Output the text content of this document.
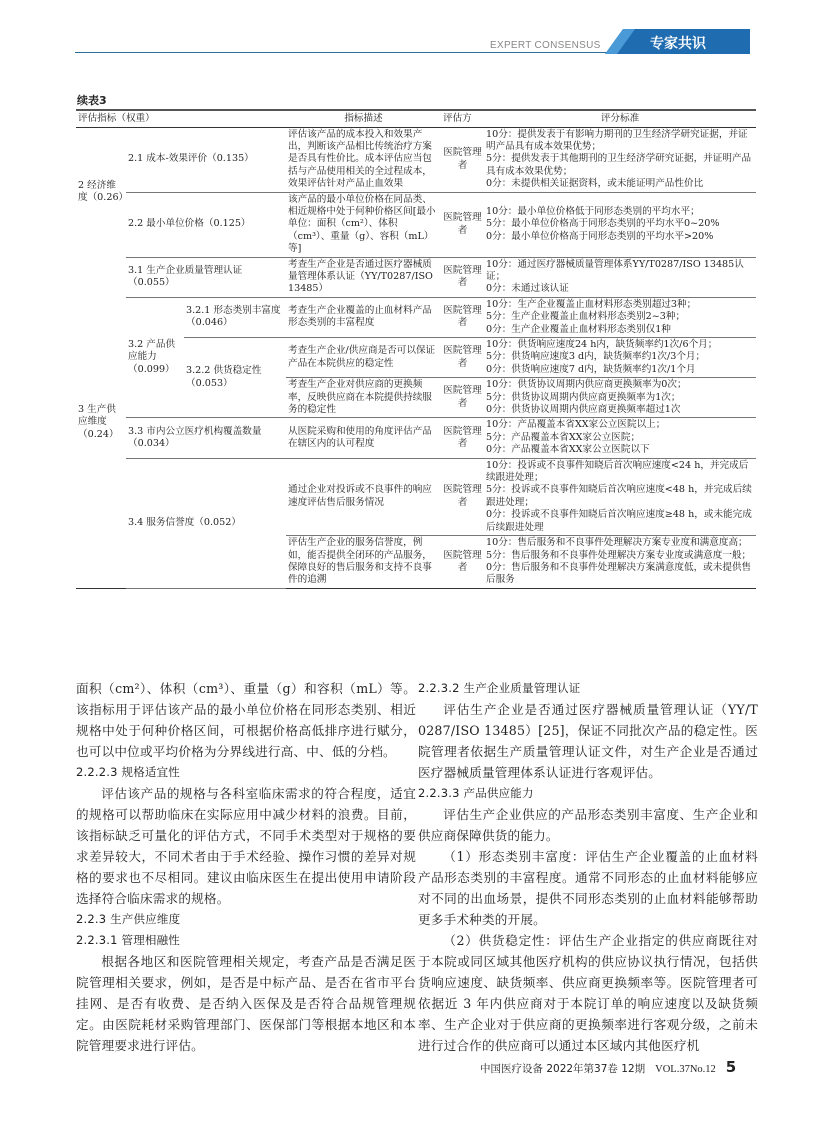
EXPERT CONSENSUS	专家共识
续表3
评估指标（权重）			指标描述	评估方	评分标准
2 经济维度（0.26）	2.1 成本-效果评价（0.135）		评估该产品的成本投入和效果产出，判断该产品相比传统治疗方案是否具有性价比。成本评估应当包括与产品使用相关的全过程成本，效果评估针对产品止血效果	医院管理者	10分：提供发表于有影响力期刊的卫生经济学研究证据，并证明产品具有成本效果优势；
5分：提供发表于其他期刊的卫生经济学研究证据，并证明产品具有成本效果优势；
0分：未提供相关证据资料，或未能证明产品性价比

	2.2 最小单位价格（0.125）		该产品的最小单位价格在同品类、相近规格中处于何种价格区间[最小单位：面积（cm²）、体积（cm³）、重量（g）、容积（mL）等]	医院管理者	10分：最小单位价格低于同形态类别的平均水平；
5分：最小单位价格高于同形态类别的平均水平0~20%
0分：最小单位价格高于同形态类别的平均水平>20%

3 生产供应维度（0.24）	3.1 生产企业质量管理认证（0.055）		考查生产企业是否通过医疗器械质量管理体系认证（YY/T0287/ISO 13485）	医院管理者	10分：通过医疗器械质量管理体系YY/T0287/ISO 13485认证；
0分：未通过该认证

	3.2 产品供应能力（0.099）	3.2.1 形态类别丰富度（0.046）	考查生产企业覆盖的止血材料产品形态类别的丰富程度	医院管理者	10分：生产企业覆盖止血材料形态类别超过3种；
5分：生产企业覆盖止血材料形态类别2~3种；
0分：生产企业覆盖止血材料形态类别仅1种

		3.2.2 供货稳定性（0.053）	考查生产企业/供应商是否可以保证产品在本院供应的稳定性	医院管理者	10分：供货响应速度24 h内，缺货频率约1次/6个月；
5分：供货响应速度3 d内，缺货频率约1次/3个月；
0分：供货响应速度7 d内，缺货频率约1次/1个月

			考查生产企业对供应商的更换频率，反映供应商在本院提供持续服务的稳定性	医院管理者	10分：供货协议周期内供应商更换频率为0次；
5分：供货协议周期内供应商更换频率为1次；
0分：供货协议周期内供应商更换频率超过1次

	3.3 市内公立医疗机构覆盖数量（0.034）		从医院采购和使用的角度评估产品在辖区内的认可程度	医院管理者	10分：产品覆盖本省XX家公立医院以上；
5分：产品覆盖本省XX家公立医院；
0分：产品覆盖本省XX家公立医院以下

	3.4 服务信誉度（0.052）		通过企业对投诉或不良事件的响应速度评估售后服务情况	医院管理者	10分：投诉或不良事件知晓后首次响应速度<24 h，并完成后续跟进处理；
5分：投诉或不良事件知晓后首次响应速度<48 h，并完成后续跟进处理；
0分：投诉或不良事件知晓后首次响应速度≥48 h，或未能完成后续跟进处理

			评估生产企业的服务信誉度，例如，能否提供全闭环的产品服务，保障良好的售后服务和支持不良事件的追溯	医院管理者	10分：售后服务和不良事件处理解决方案专业度和满意度高；
5分：售后服务和不良事件处理解决方案专业度或满意度一般；
0分：售后服务和不良事件处理解决方案满意度低，或未提供售后服务

面积（cm²）、体积（cm³）、重量（g）和容积（mL）等。该指标用于评估该产品的最小单位价格在同形态类别、相近规格中处于何种价格区间，可根据价格高低排序进行赋分，也可以中位或平均价格为分界线进行高、中、低的分档。

2.2.2.3 规格适宜性

评估该产品的规格与各科室临床需求的符合程度，适宜的规格可以帮助临床在实际应用中减少材料的浪费。目前，该指标缺乏可量化的评估方式，不同手术类型对于规格的要求差异较大，不同术者由于手术经验、操作习惯的差异对规格的要求也不尽相同。建议由临床医生在提出使用申请阶段选择符合临床需求的规格。

2.2.3 生产供应维度
2.2.3.1 管理相融性

根据各地区和医院管理相关规定，考查产品是否满足医院管理相关要求，例如，是否是中标产品、是否在省市平台挂网、是否有收费、是否纳入医保及是否符合品规管理规定。由医院耗材采购管理部门、医保部门等根据本地区和本院管理要求进行评估。

2.2.3.2 生产企业质量管理认证

评估生产企业是否通过医疗器械质量管理认证（YY/T 0287/ISO 13485）[25]，保证不同批次产品的稳定性。医院管理者依据生产质量管理认证文件，对生产企业是否通过医疗器械质量管理体系认证进行客观评估。

2.2.3.3 产品供应能力

评估生产企业供应的产品形态类别丰富度、生产企业和供应商保障供货的能力。

（1）形态类别丰富度：评估生产企业覆盖的止血材料产品形态类别的丰富程度。通常不同形态的止血材料能够应对不同的出血场景，提供不同形态类别的止血材料能够帮助更多手术种类的开展。

（2）供货稳定性：评估生产企业指定的供应商既往对于本院或同区域其他医疗机构的供应协议执行情况，包括供货响应速度、缺货频率、供应商更换频率等。医院管理者可依据近 3 年内供应商对于本院订单的响应速度以及缺货频率、生产企业对于供应商的更换频率进行客观分级，之前未进行过合作的供应商可以通过本区域内其他医疗机

中国医疗设备 2022年第37卷 12期 VOL.37No.12 5
